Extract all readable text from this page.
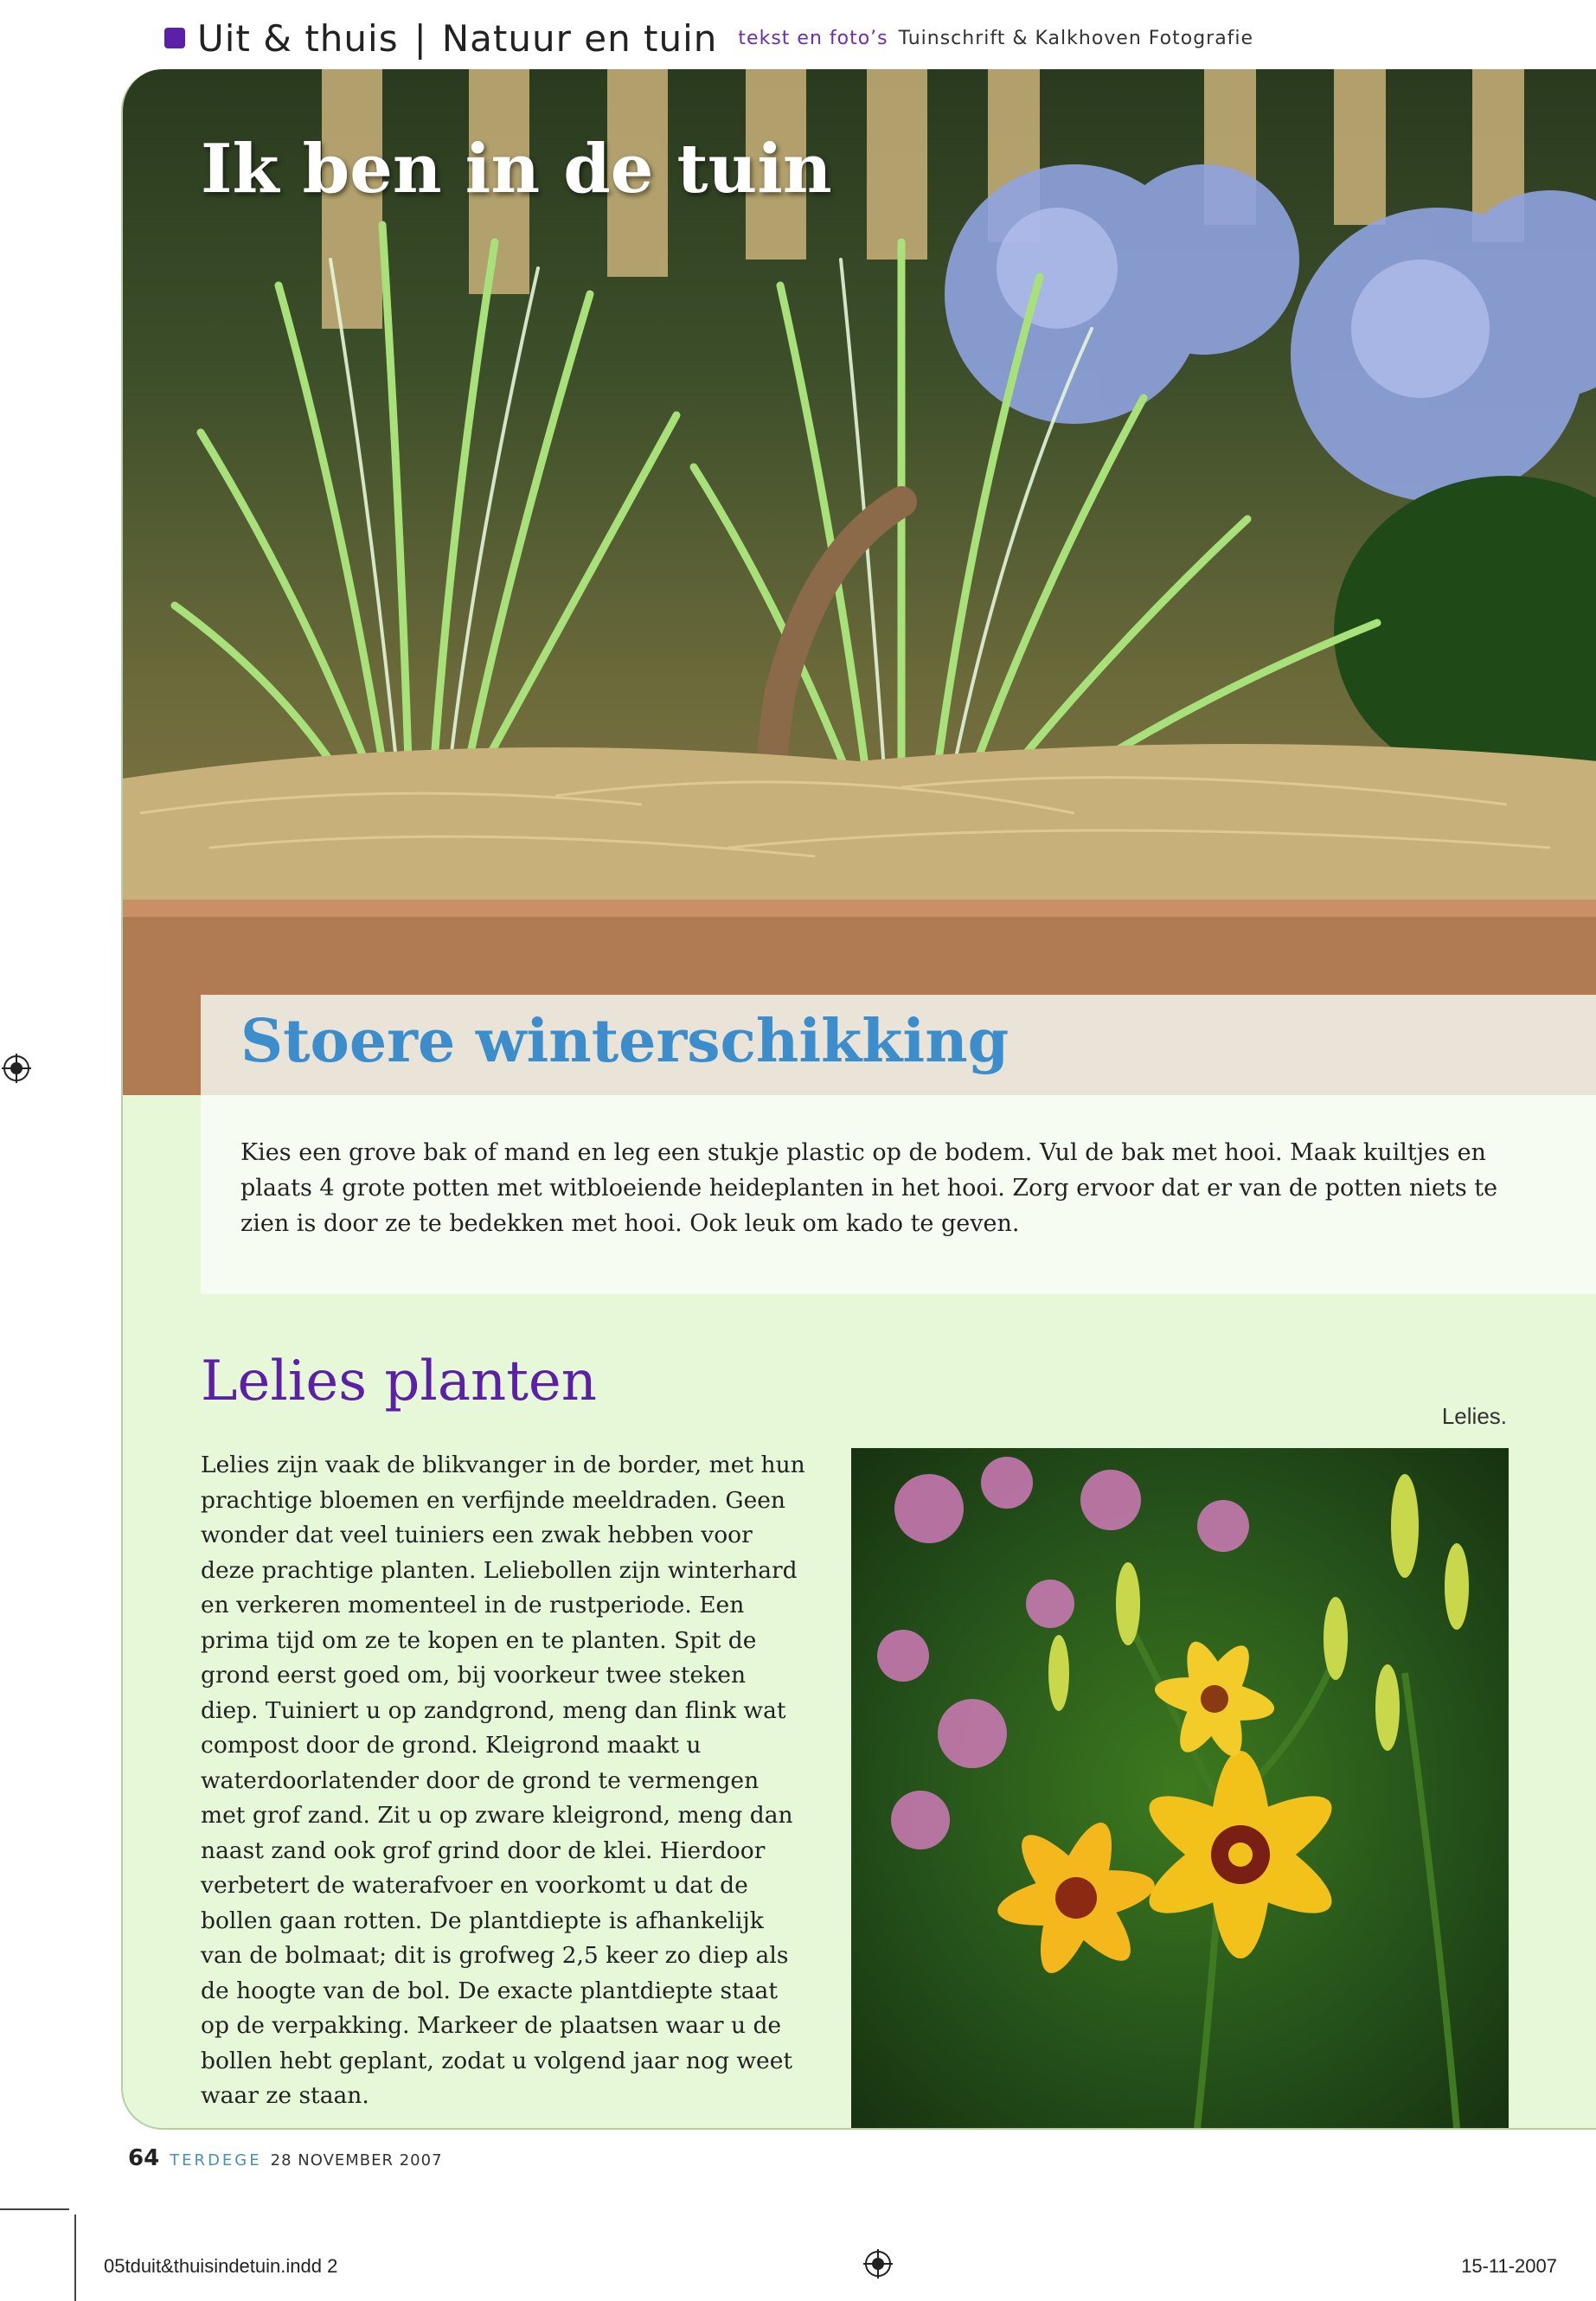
Uit & thuis | Natuur en tuin tekst en foto’s Tuinschrift & Kalkhoven Fotografie
Ik ben in de tuin
Stoere winterschikking
Kies een grove bak of mand en leg een stukje plastic op de bodem. Vul de bak met hooi. Maak kuiltjes en plaats 4 grote potten met witbloeiende heideplanten in het hooi. Zorg ervoor dat er van de potten niets te zien is door ze te bedekken met hooi. Ook leuk om kado te geven.
Lelies planten
Lelies.
Lelies zijn vaak de blikvanger in de border, met hun prachtige bloemen en verfijnde meeldraden. Geen wonder dat veel tuiniers een zwak hebben voor deze prachtige planten. Leliebollen zijn winterhard en verkeren momenteel in de rustperiode. Een prima tijd om ze te kopen en te planten. Spit de grond eerst goed om, bij voorkeur twee steken diep. Tuiniert u op zandgrond, meng dan flink wat compost door de grond. Kleigrond maakt u waterdoorlatender door de grond te vermengen met grof zand. Zit u op zware kleigrond, meng dan naast zand ook grof grind door de klei. Hierdoor verbetert de waterafvoer en voorkomt u dat de bollen gaan rotten. De plantdiepte is afhankelijk van de bolmaat; dit is grofweg 2,5 keer zo diep als de hoogte van de bol. De exacte plantdiepte staat op de verpakking. Markeer de plaatsen waar u de bollen hebt geplant, zodat u volgend jaar nog weet waar ze staan.
64 TERDEGE 28 NOVEMBER 2007
05tduit&thuisindetuin.indd 2	15-11-2007
